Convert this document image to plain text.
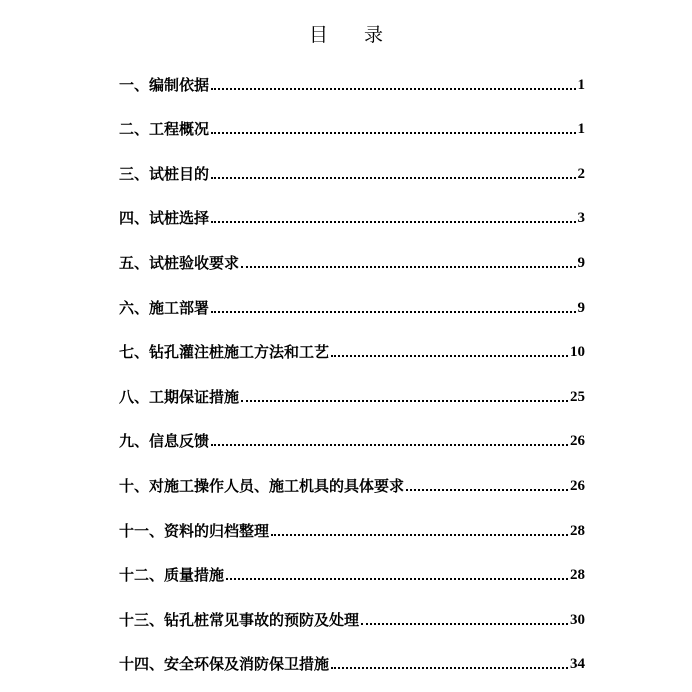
目录
一、编制依据	1
二、工程概况	1
三、试桩目的	2
四、试桩选择	3
五、试桩验收要求	9
六、施工部署	9
七、钻孔灌注桩施工方法和工艺	10
八、工期保证措施	25
九、信息反馈	26
十、对施工操作人员、施工机具的具体要求	26
十一、资料的归档整理	28
十二、质量措施	28
十三、钻孔桩常见事故的预防及处理	30
十四、安全环保及消防保卫措施	34
